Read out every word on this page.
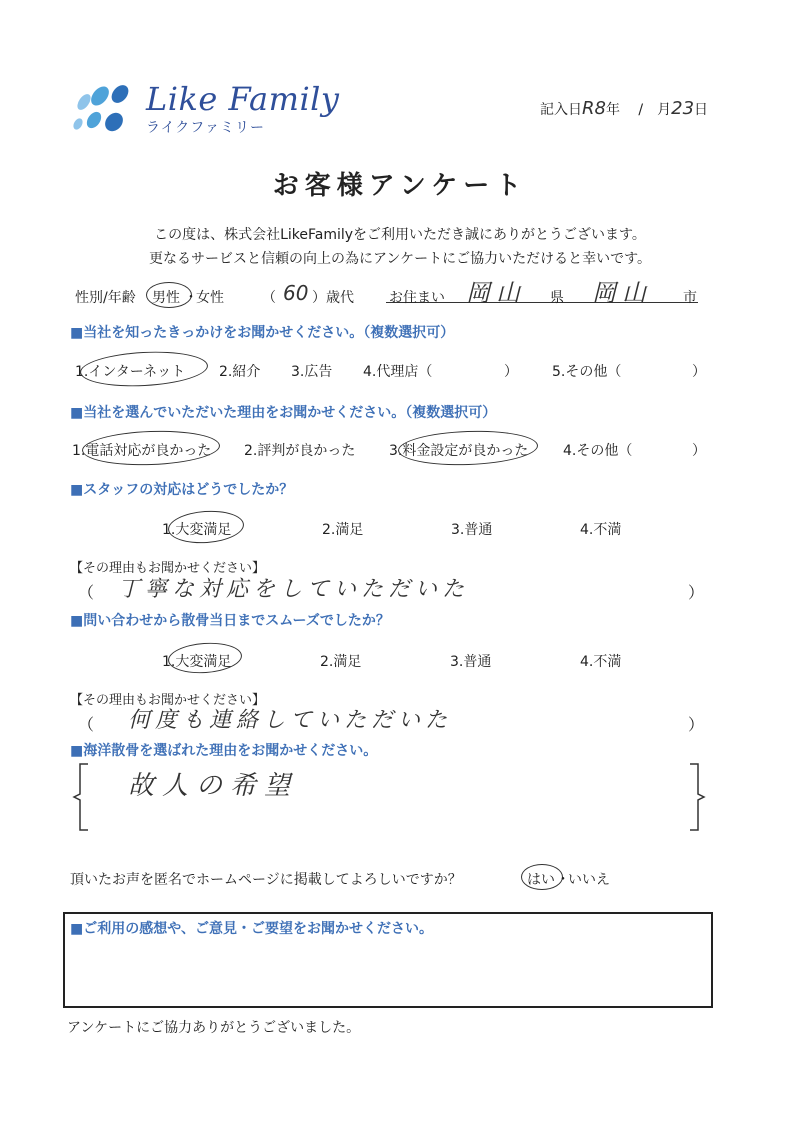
Like Family
ライクファミリー
記入日R8年 / 月23日
お客様アンケート
この度は、株式会社LikeFamilyをご利用いただき誠にありがとうございます。
更なるサービスと信頼の向上の為にアンケートにご協力いただけると幸いです。
性別/年齢 男性 ・
女性	（ 60 ）歳代	お住まい 岡山 県 岡山 市
■当社を知ったきっかけをお聞かせください。（複数選択可）
1.インターネット 2.紹介 3.広告 4.代理店（	） 5.その他（	）
■当社を選んでいただいた理由をお聞かせください。（複数選択可）
1.電話対応が良かった 2.評判が良かった 3.料金設定が良かった 4.その他（	）
■スタッフの対応はどうでしたか？
1.大変満足	2.満足	3.普通	4.不満
【その理由もお聞かせください】
（ 丁寧な対応をしていただいた	）
■問い合わせから散骨当日までスムーズでしたか？
1.大変満足	2.満足	3.普通	4.不満
【その理由もお聞かせください】
（ 何度も連絡していただいた	）
■海洋散骨を選ばれた理由をお聞かせください。
故人の希望
頂いたお声を匿名でホームページに掲載してよろしいですか？	はい ・
いいえ
■ご利用の感想や、ご意見・ご要望をお聞かせください。
アンケートにご協力ありがとうございました。
